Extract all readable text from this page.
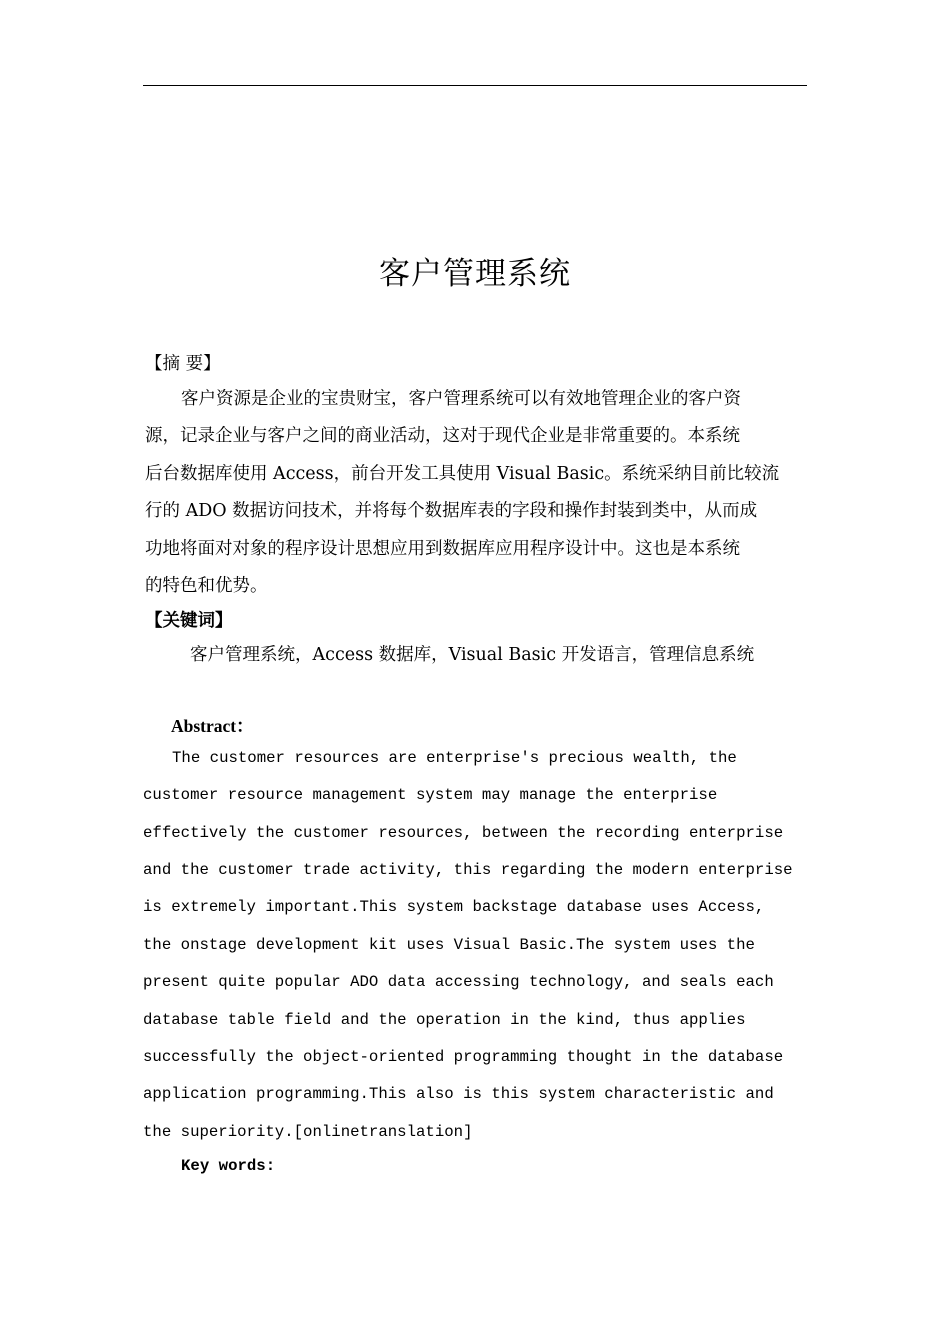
客户管理系统
【摘 要】
客户资源是企业的宝贵财宝，客户管理系统可以有效地管理企业的客户资
源，记录企业与客户之间的商业活动，这对于现代企业是非常重要的。本系统
后台数据库使用 Access，前台开发工具使用 Visual Basic。系统采纳目前比较流
行的 ADO 数据访问技术，并将每个数据库表的字段和操作封装到类中，从而成
功地将面对对象的程序设计思想应用到数据库应用程序设计中。这也是本系统
的特色和优势。
【关键词】
客户管理系统，Access 数据库，Visual Basic 开发语言，管理信息系统
Abstract：
The customer resources are enterprise's precious wealth, the
customer resource management system may manage the enterprise
effectively the customer resources, between the recording enterprise
and the customer trade activity, this regarding the modern enterprise
is extremely important.This system backstage database uses Access,
the onstage development kit uses Visual Basic.The system uses the
present quite popular ADO data accessing technology, and seals each
database table field and the operation in the kind, thus applies
successfully the object-oriented programming thought in the database
application programming.This also is this system characteristic and
the superiority.[onlinetranslation]
Key words:
